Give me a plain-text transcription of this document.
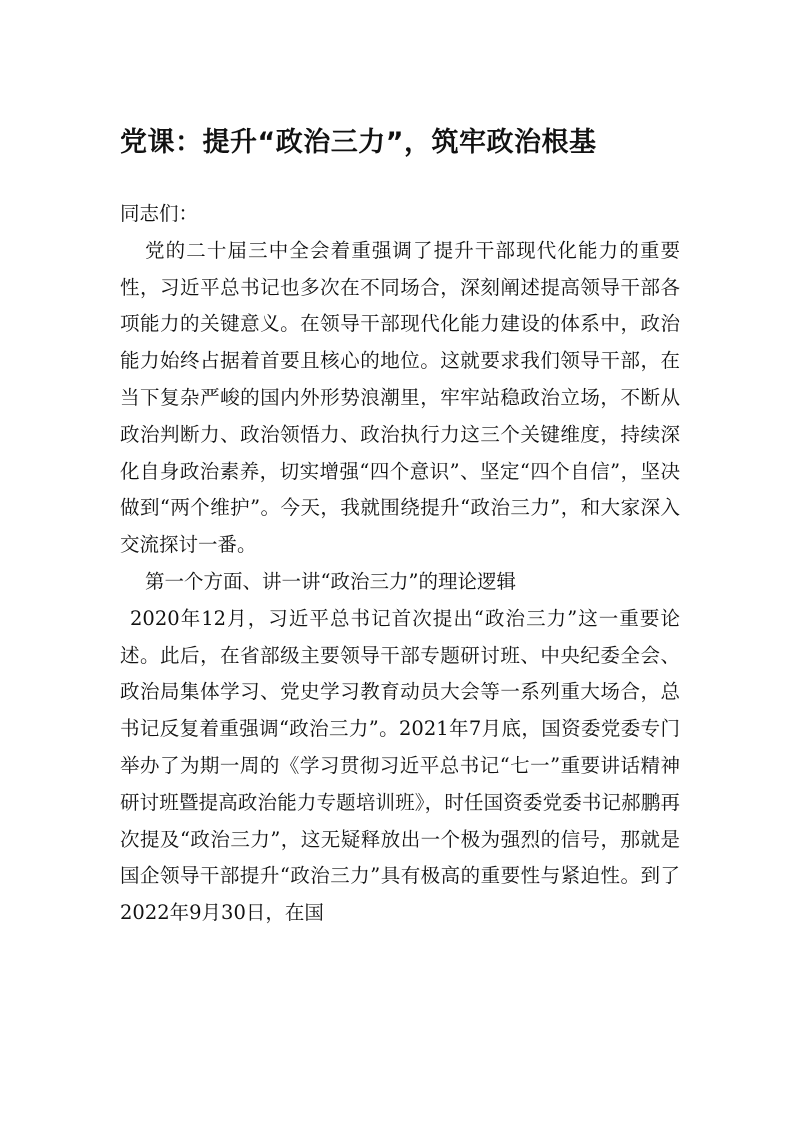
党课：提升“政治三力”，筑牢政治根基

同志们：

党的二十届三中全会着重强调了提升干部现代化能力的重要性，习近平总书记也多次在不同场合，深刻阐述提高领导干部各项能力的关键意义。在领导干部现代化能力建设的体系中，政治能力始终占据着首要且核心的地位。这就要求我们领导干部，在当下复杂严峻的国内外形势浪潮里，牢牢站稳政治立场，不断从政治判断力、政治领悟力、政治执行力这三个关键维度，持续深化自身政治素养，切实增强“四个意识”、坚定“四个自信”，坚决做到“两个维护”。今天，我就围绕提升“政治三力”，和大家深入交流探讨一番。

第一个方面、讲一讲“政治三力”的理论逻辑

2020年12月，习近平总书记首次提出“政治三力”这一重要论述。此后，在省部级主要领导干部专题研讨班、中央纪委全会、政治局集体学习、党史学习教育动员大会等一系列重大场合，总书记反复着重强调“政治三力”。2021年7月底，国资委党委专门举办了为期一周的《学习贯彻习近平总书记“七一”重要讲话精神研讨班暨提高政治能力专题培训班》，时任国资委党委书记郝鹏再次提及“政治三力”，这无疑释放出一个极为强烈的信号，那就是国企领导干部提升“政治三力”具有极高的重要性与紧迫性。到了2022年9月30日，在国
